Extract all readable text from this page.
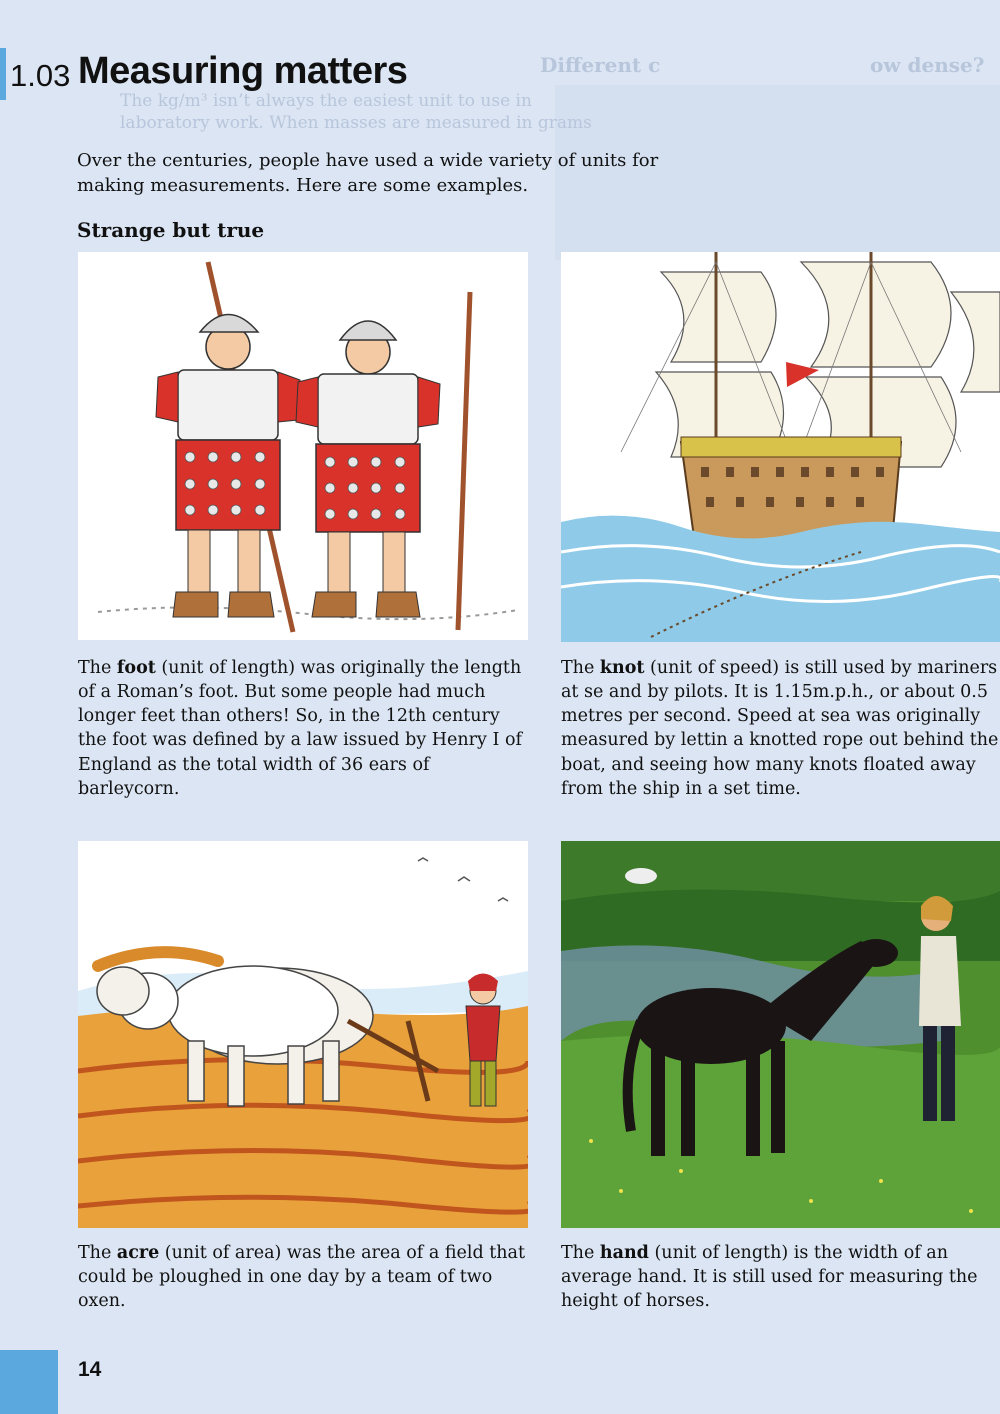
Different c	ow dense?
The kg/m³ isn’t always the easiest unit to use in
laboratory work. When masses are measured in grams
1.03 Measuring matters
Over the centuries, people have used a wide variety of units for making measurements. Here are some examples.
Strange but true
The foot (unit of length) was originally the length of a Roman’s foot. But some people had much longer feet than others! So, in the 12th century the foot was defined by a law issued by Henry I of England as the total width of 36 ears of barleycorn.
The knot (unit of speed) is still used by mariners at se and by pilots. It is 1.15m.p.h., or about 0.5 metres per second. Speed at sea was originally measured by lettin a knotted rope out behind the boat, and seeing how many knots floated away from the ship in a set time.
The acre (unit of area) was the area of a field that could be ploughed in one day by a team of two oxen.
The hand (unit of length) is the width of an average hand. It is still used for measuring the height of horses.
14
